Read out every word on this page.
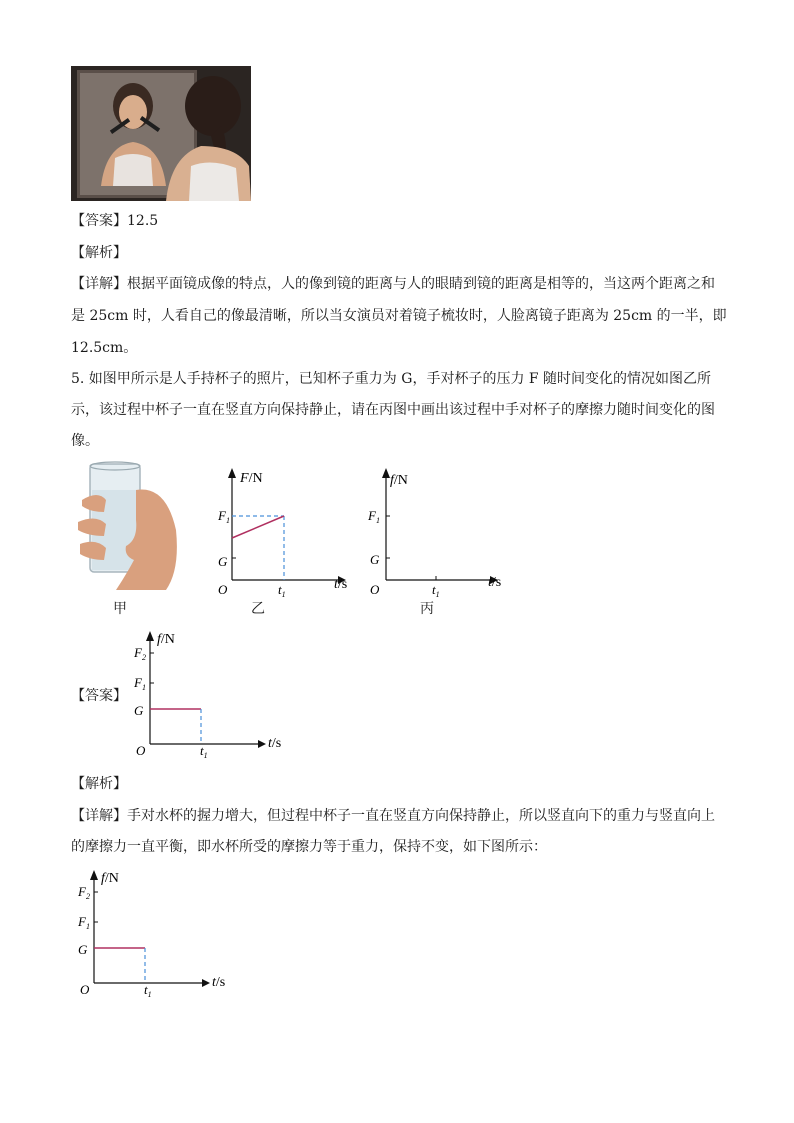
【答案】12.5
【解析】
【详解】根据平面镜成像的特点，人的像到镜的距离与人的眼睛到镜的距离是相等的，当这两个距离之和
是 25cm 时，人看自己的像最清晰，所以当女演员对着镜子梳妆时，人脸离镜子距离为 25cm 的一半，即
12.5cm。
5. 如图甲所示是人手持杯子的照片，已知杯子重力为 G，手对杯子的压力 F 随时间变化的情况如图乙所
示，该过程中杯子一直在竖直方向保持静止，请在丙图中画出该过程中手对杯子的摩擦力随时间变化的图
像。
甲
F/N
$F_1$
G
O	$t_1$
t/s
乙
f/N
$F_1$
G
O	$t_1$
t/s
丙
【答案】
f/N
$F_2$
$F_1$
G
O	$t_1$
t/s
【解析】
【详解】手对水杯的握力增大，但过程中杯子一直在竖直方向保持静止，所以竖直向下的重力与竖直向上
的摩擦力一直平衡，即水杯所受的摩擦力等于重力，保持不变，如下图所示：
f/N
$F_2$
$F_1$
G
O	$t_1$
t/s
